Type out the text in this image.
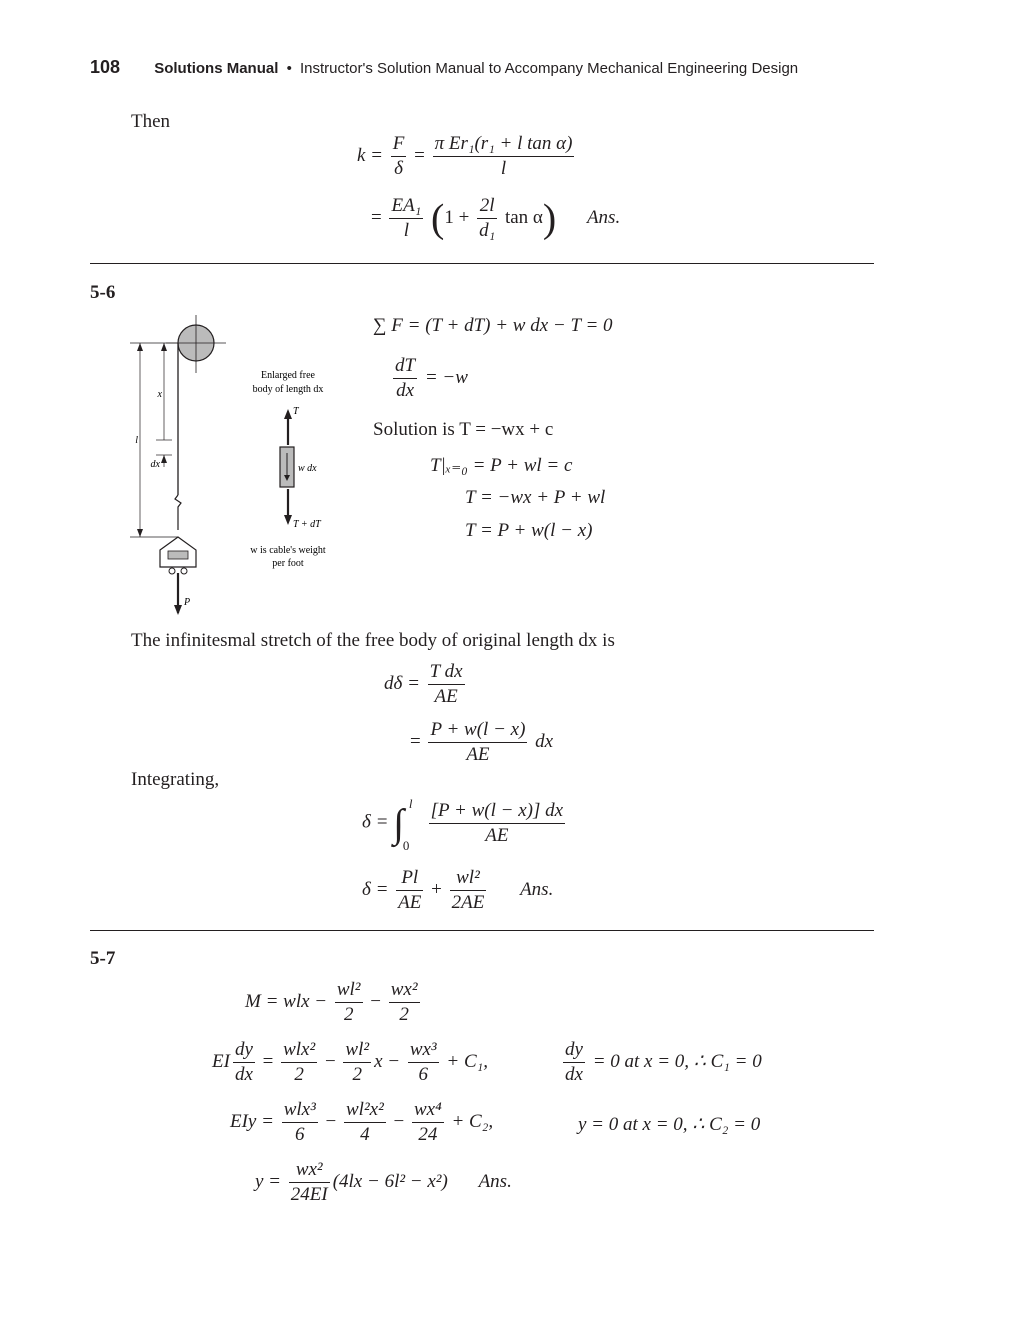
108 Solutions Manual • Instructor's Solution Manual to Accompany Mechanical Engineering Design
Then
$k = \frac{F}{\delta} = \frac{\text{π Er₁(r₁ + l tan α)}}{l}$
= $\frac{\text{EA₁}}{l} (1 + \frac{2l}{\text{d₁}}$ tan α) Ans.
5-6
x
l
dx
P
Enlarged free
body of length dx
T
w dx
T + dT
w is cable's weight
per foot
∑ F = (T + dT) + w dx − T = 0
$\frac{dT}{dx} = -w$
Solution is T = −wx + c
T|ₓ₌₀ = P + wl = c
T = −wx + P + wl
T = P + w(l − x)
The infinitesmal stretch of the free body of original length dx is
$d\delta = \frac{\text{T dx}}{AE}$
= $\frac{P + w(l - x)}{AE}$ dx
Integrating,
δ = ∫ l
0
$\frac{[P + w(l - x)] dx}{AE}$
$\delta = \frac{Pl}{AE} + \frac{\text{wl²}}{2AE}$ Ans.
5-7
M = wlx − $\frac{\text{wl²}}{2} - \frac{\text{wx²}}{2}$
EI $\frac{dy}{dx} = \frac{\text{wlx²}}{2} - \frac{\text{wl²}}{2}$ $x - \frac{\text{wx³}}{6} + C_1$,	$\frac{dy}{dx} = 0$ at x = 0, ∴ C₁ = 0
EIy = $\frac{\text{wlx³}}{6} - \frac{\text{wl²x²}}{4} - \frac{\text{wx⁴}}{24} + C_2$,	y = 0 at x = 0, ∴ C₂ = 0
$y = \frac{\text{wx²}}{24EI} (4lx - 6l^2 - x^2)$ Ans.
